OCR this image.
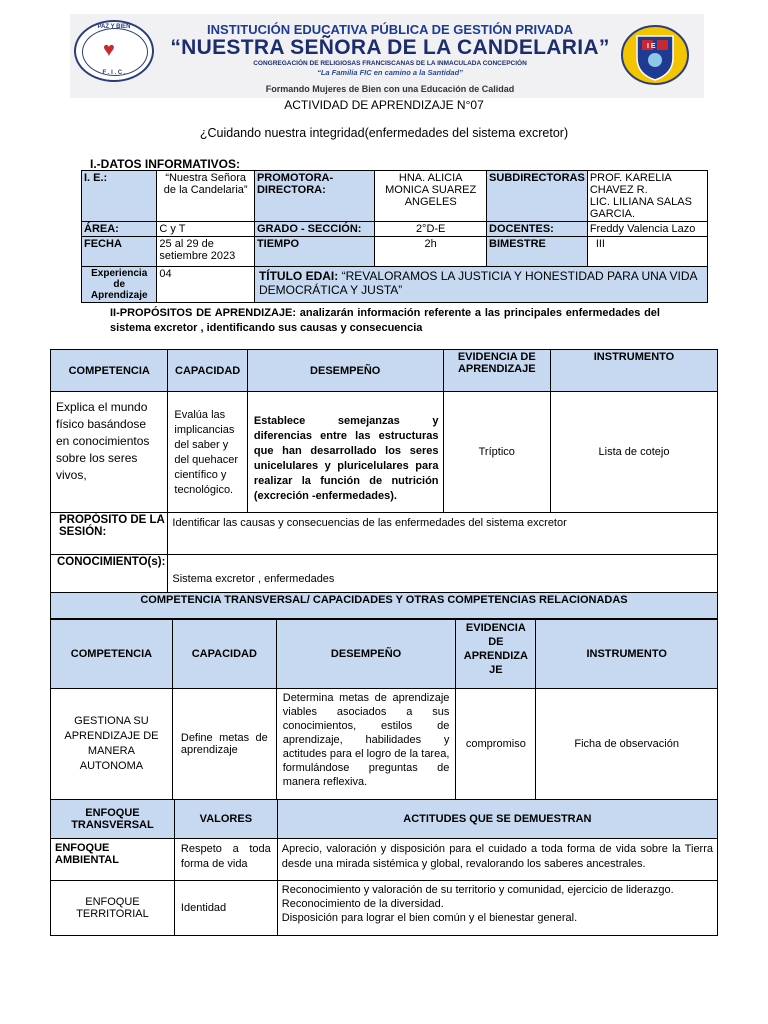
PAZ Y BIEN
♥
F . I . C .
I E
INSTITUCIÓN EDUCATIVA PÚBLICA DE GESTIÓN PRIVADA
“NUESTRA SEÑORA DE LA CANDELARIA”
CONGREGACIÓN DE RELIGIOSAS FRANCISCANAS DE LA INMACULADA CONCEPCIÓN
“La Familia FIC en camino a la Santidad”
Formando Mujeres de Bien con una Educación de Calidad
ACTIVIDAD DE APRENDIZAJE N°07
¿Cuidando nuestra integridad(enfermedades del sistema excretor)
I.-DATOS INFORMATIVOS:
I. E.:	“Nuestra Señora de la Candelaria”	PROMOTORA-DIRECTORA:	HNA. ALICIA MONICA SUAREZ ANGELES	SUBDIRECTORAS	PROF. KARELIA CHAVEZ R.
LIC. LILIANA SALAS GARCIA.

ÁREA:	C y T	GRADO - SECCIÓN:	2°D-E	DOCENTES:	Freddy Valencia Lazo
FECHA	25 al 29 de setiembre 2023	TIEMPO	2h	BIMESTRE	III
Experiencia de Aprendizaje	04	TÍTULO EDAI: “REVALORAMOS LA JUSTICIA Y HONESTIDAD PARA UNA VIDA DEMOCRÁTICA Y JUSTA”			
II-PROPÓSITOS DE APRENDIZAJE: analizarán información referente a las principales enfermedades del sistema excretor , identificando sus causas y consecuencia
COMPETENCIA	CAPACIDAD	DESEMPEÑO	EVIDENCIA DE APRENDIZAJE	INSTRUMENTO
Explica el mundo físico basándose en conocimientos sobre los seres vivos,	Evalúa las implicancias del saber y del quehacer científico y tecnológico.	Establece semejanzas y diferencias entre las estructuras que han desarrollado los seres unicelulares y pluricelulares para realizar la función de nutrición (excreción -enfermedades).	Tríptico	Lista de cotejo
PROPÓSITO DE LA SESIÓN:	Identificar las causas y consecuencias de las enfermedades del sistema excretor			
CONOCIMIENTO(s):	Sistema excretor , enfermedades			
COMPETENCIA TRANSVERSAL/ CAPACIDADES Y OTRAS COMPETENCIAS RELACIONADAS				
COMPETENCIA	CAPACIDAD	DESEMPEÑO	EVIDENCIA DE APRENDIZA JE	INSTRUMENTO
GESTIONA SU APRENDIZAJE DE MANERA AUTONOMA	Define metas de aprendizaje	Determina metas de aprendizaje viables asociados a sus conocimientos, estilos de aprendizaje, habilidades y actitudes para el logro de la tarea, formulándose preguntas de manera reflexiva.	compromiso	Ficha de observación
ENFOQUE TRANSVERSAL	VALORES	ACTITUDES QUE SE DEMUESTRAN
ENFOQUE AMBIENTAL	Respeto a toda forma de vida	Aprecio, valoración y disposición para el cuidado a toda forma de vida sobre la Tierra desde una mirada sistémica y global, revalorando los saberes ancestrales.
ENFOQUE TERRITORIAL	Identidad	Reconocimiento y valoración de su territorio y comunidad, ejercicio de liderazgo.
Reconocimiento de la diversidad.
Disposición para lograr el bien común y el bienestar general.
